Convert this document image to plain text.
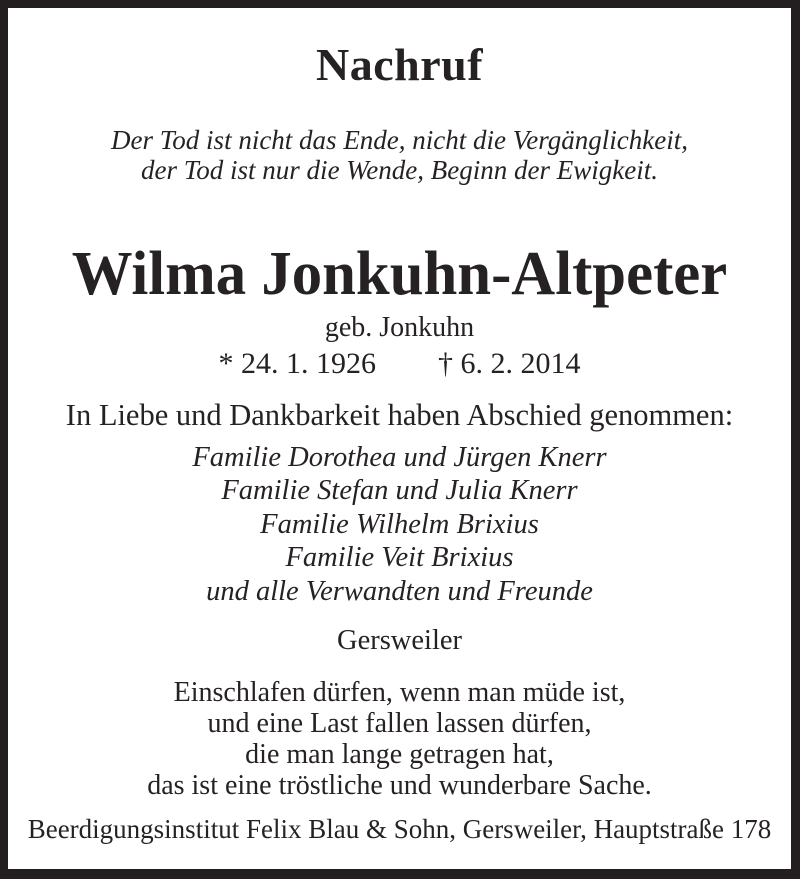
Nachruf
Der Tod ist nicht das Ende, nicht die Vergänglichkeit,
der Tod ist nur die Wende, Beginn der Ewigkeit.
Wilma Jonkuhn-Altpeter
geb. Jonkuhn
* 24. 1. 1926 † 6. 2. 2014
In Liebe und Dankbarkeit haben Abschied genommen:
Familie Dorothea und Jürgen Knerr
Familie Stefan und Julia Knerr
Familie Wilhelm Brixius
Familie Veit Brixius
und alle Verwandten und Freunde
Gersweiler
Einschlafen dürfen, wenn man müde ist,
und eine Last fallen lassen dürfen,
die man lange getragen hat,
das ist eine tröstliche und wunderbare Sache.
Beerdigungsinstitut Felix Blau & Sohn, Gersweiler, Hauptstraße 178
